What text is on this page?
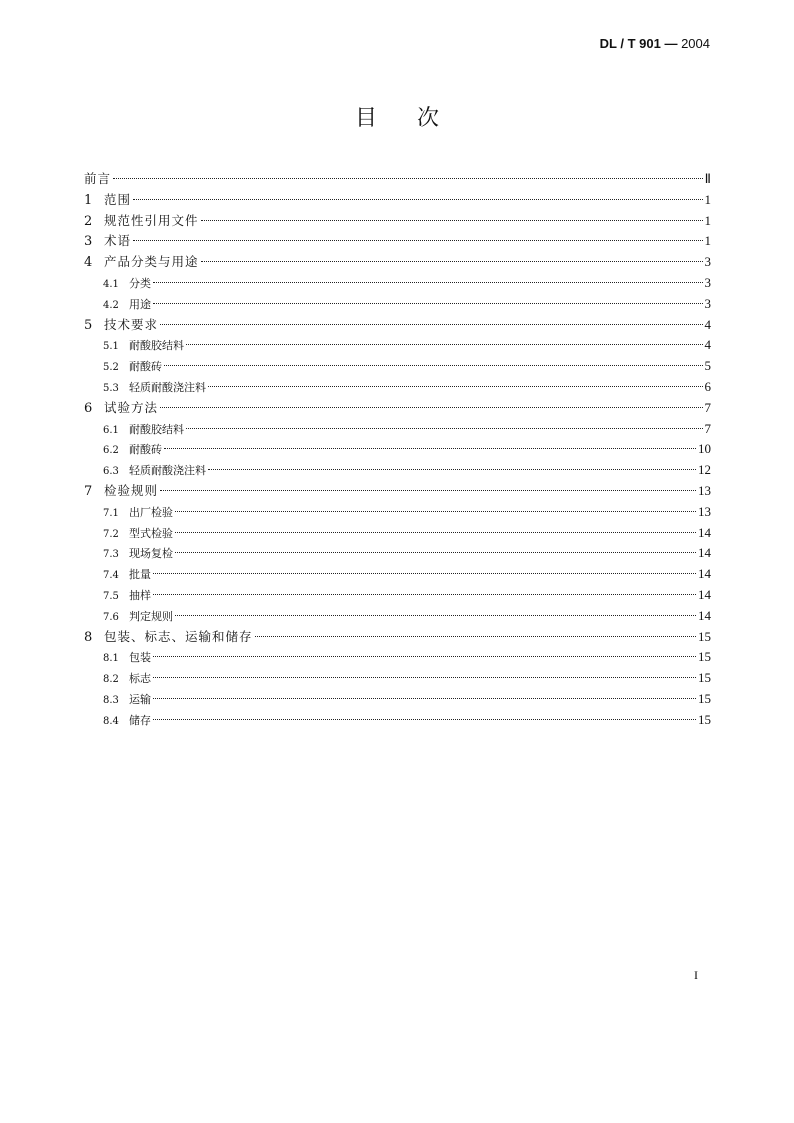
DL / T 901 — 2004
目次
前言	Ⅱ
1 范围	1
2 规范性引用文件	1
3 术语	1
4 产品分类与用途	3
4.1 分类	3
4.2 用途	3
5 技术要求	4
5.1 耐酸胶结料	4
5.2 耐酸砖	5
5.3 轻质耐酸浇注料	6
6 试验方法	7
6.1 耐酸胶结料	7
6.2 耐酸砖	10
6.3 轻质耐酸浇注料	12
7 检验规则	13
7.1 出厂检验	13
7.2 型式检验	14
7.3 现场复检	14
7.4 批量	14
7.5 抽样	14
7.6 判定规则	14
8 包装、标志、运输和储存	15
8.1 包装	15
8.2 标志	15
8.3 运输	15
8.4 储存	15
I
